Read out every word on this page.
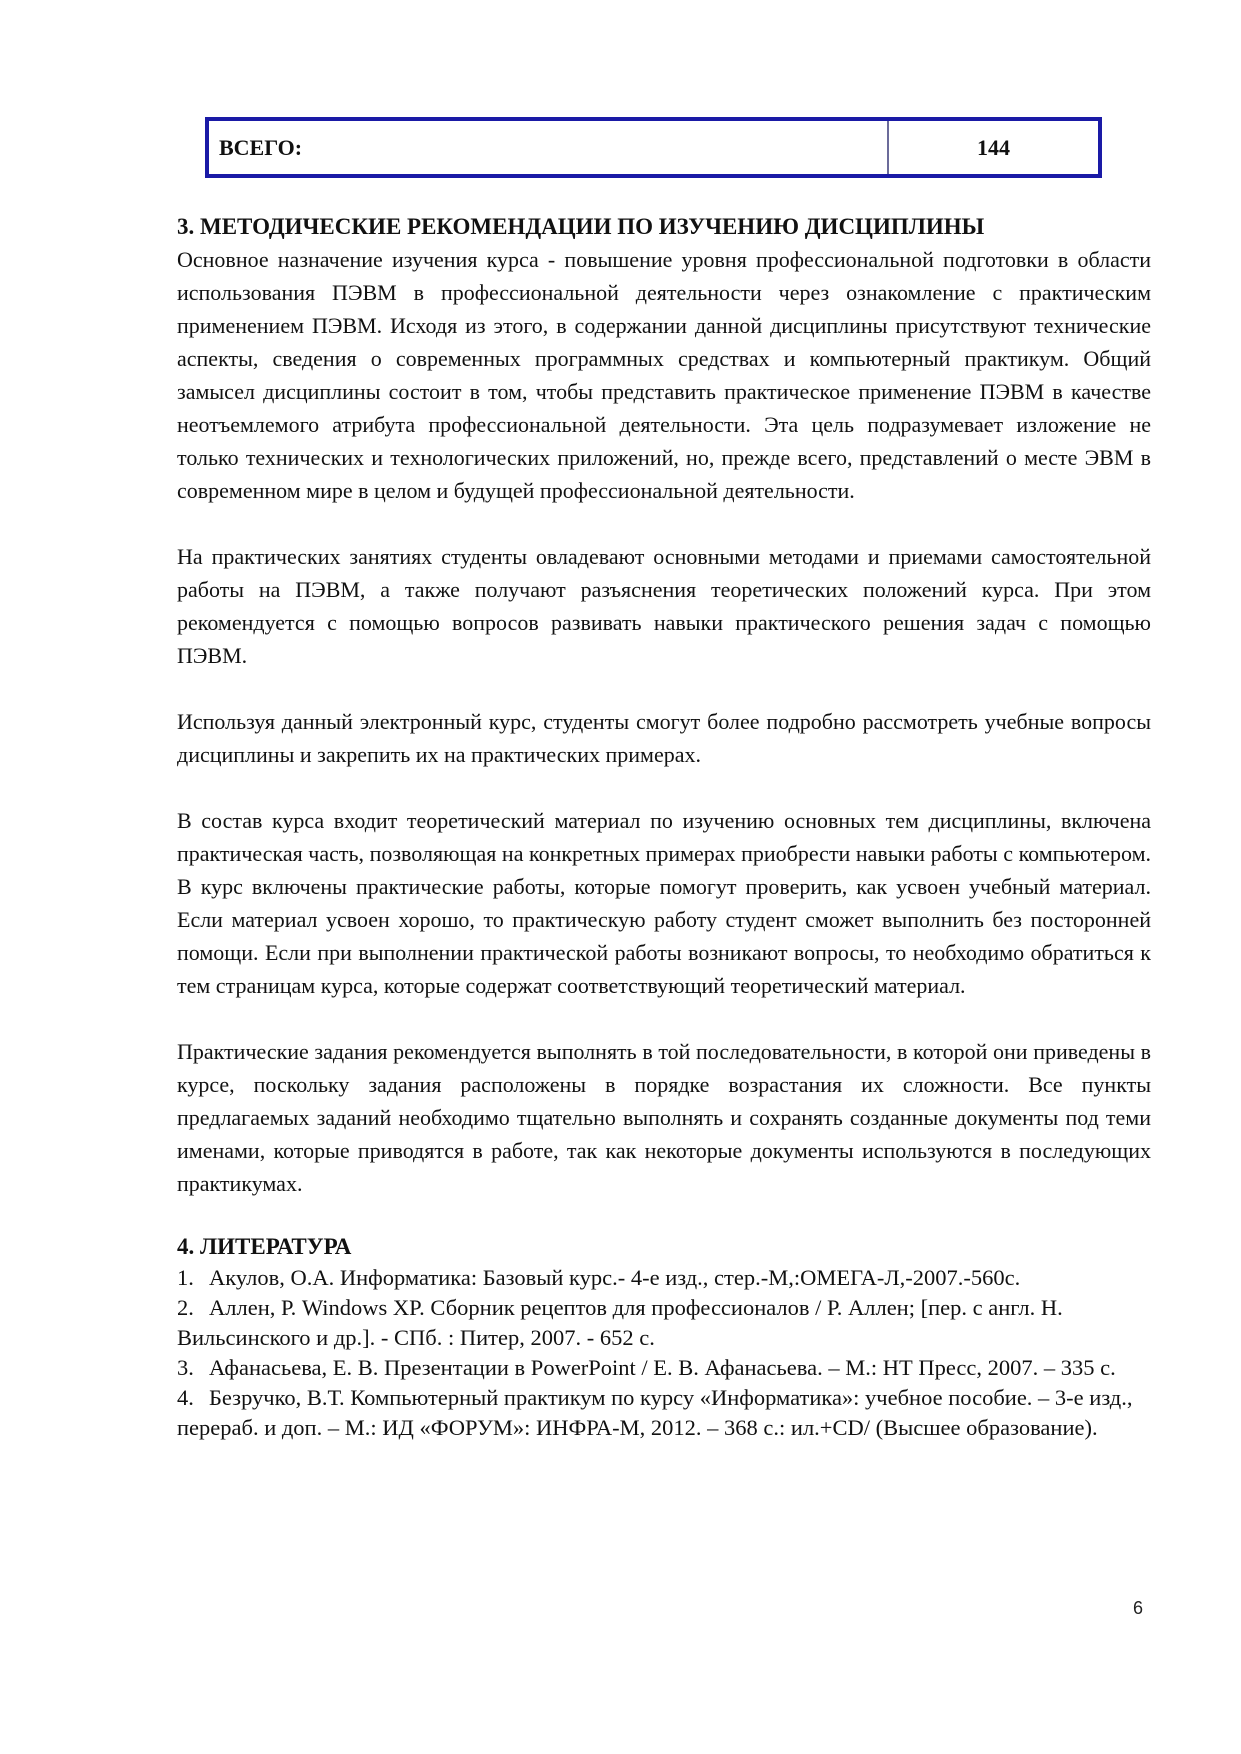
ВСЕГО:	144
3. МЕТОДИЧЕСКИЕ РЕКОМЕНДАЦИИ ПО ИЗУЧЕНИЮ ДИСЦИПЛИНЫ

Основное назначение изучения курса - повышение уровня профессиональной подготовки в области использования ПЭВМ в профессиональной деятельности через ознакомление с практическим применением ПЭВМ. Исходя из этого, в содержании данной дисциплины присутствуют технические аспекты, сведения о современных программных средствах и компьютерный практикум. Общий замысел дисциплины состоит в том, чтобы представить практическое применение ПЭВМ в качестве неотъемлемого атрибута профессиональной деятельности. Эта цель подразумевает изложение не только технических и технологических приложений, но, прежде всего, представлений о месте ЭВМ в современном мире в целом и будущей профессиональной деятельности.

На практических занятиях студенты овладевают основными методами и приемами самостоятельной работы на ПЭВМ, а также получают разъяснения теоретических положений курса. При этом рекомендуется с помощью вопросов развивать навыки практического решения задач с помощью ПЭВМ.

Используя данный электронный курс, студенты смогут более подробно рассмотреть учебные вопросы дисциплины и закрепить их на практических примерах.

В состав курса входит теоретический материал по изучению основных тем дисциплины, включена практическая часть, позволяющая на конкретных примерах приобрести навыки работы с компьютером. В курс включены практические работы, которые помогут проверить, как усвоен учебный материал. Если материал усвоен хорошо, то практическую работу студент сможет выполнить без посторонней помощи. Если при выполнении практической работы возникают вопросы, то необходимо обратиться к тем страницам курса, которые содержат соответствующий теоретический материал.

Практические задания рекомендуется выполнять в той последовательности, в которой они приведены в курсе, поскольку задания расположены в порядке возрастания их сложности. Все пункты предлагаемых заданий необходимо тщательно выполнять и сохранять созданные документы под теми именами, которые приводятся в работе, так как некоторые документы используются в последующих практикумах.

4. ЛИТЕРАТУРА

1. Акулов, О.А. Информатика: Базовый курс.- 4-е изд., стер.-М,:ОМЕГА-Л,-2007.-560с.

2. Аллен, Р. Windows XP. Сборник рецептов для профессионалов / Р. Аллен; [пер. с англ. Н. Вильсинского и др.]. - СПб. : Питер, 2007. - 652 с.

3. Афанасьева, Е. В. Презентации в PowerPoint / Е. В. Афанасьева. – М.: НТ Пресс, 2007. – 335 с.

4. Безручко, В.Т. Компьютерный практикум по курсу «Информатика»: учебное пособие. – 3-е изд., перераб. и доп. – М.: ИД «ФОРУМ»: ИНФРА-М, 2012. – 368 с.: ил.+CD/ (Высшее образование).

6
